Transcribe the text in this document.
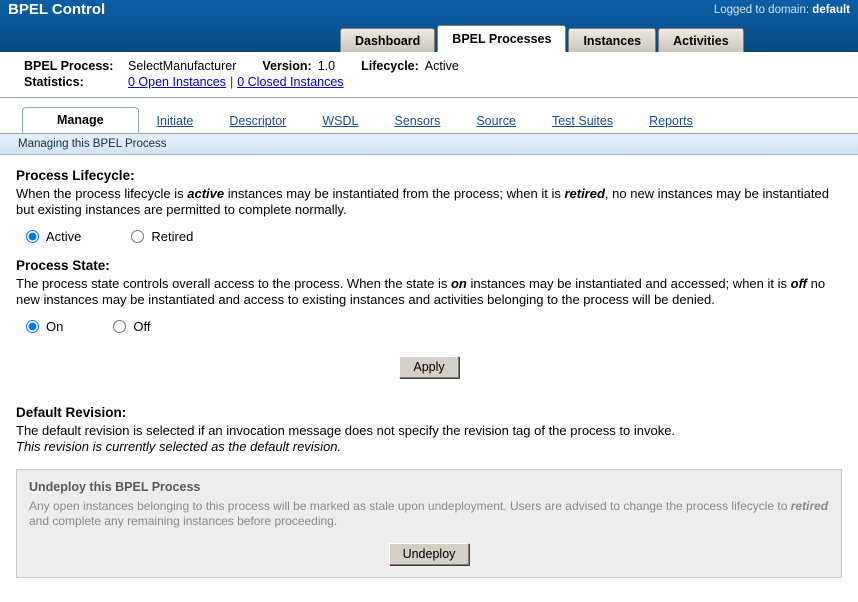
BPEL Control	Logged to domain: default
Dashboard	BPEL Processes	Instances	Activities
BPEL Process:	SelectManufacturer Version: 1.0 Lifecycle: Active
Statistics:	0 Open Instances | 0 Closed Instances
Manage	Initiate	Descriptor	WSDL	Sensors	Source	Test Suites	Reports
Managing this BPEL Process
Process Lifecycle:

When the process lifecycle is active instances may be instantiated from the process; when it is retired, no new instances may be instantiated but existing instances are permitted to complete normally.

Active	Retired
Process State:

The process state controls overall access to the process. When the state is on instances may be instantiated and accessed; when it is off no new instances may be instantiated and access to existing instances and activities belonging to the process will be denied.

On	Off
Apply
Default Revision:

The default revision is selected if an invocation message does not specify the revision tag of the process to invoke.

This revision is currently selected as the default revision.

Undeploy this BPEL Process

Any open instances belonging to this process will be marked as stale upon undeployment. Users are advised to change the process lifecycle to retired and complete any remaining instances before proceeding.

Undeploy
